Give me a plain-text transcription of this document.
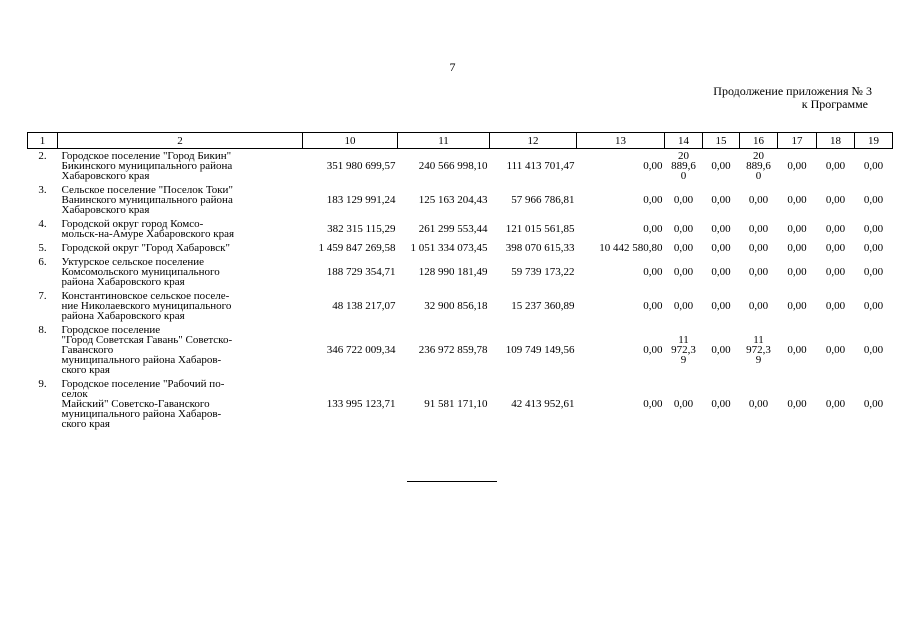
7
Продолжение приложения № 3

к Программе
1	2	10	11	12	13	14	15	16	17	18	19
2.	Городское поселение "Город Бикин"
Бикинского муниципального района
Хабаровского края	351 980 699,57	240 566 998,10	111 413 701,47	0,00	20
889,6
0	0,00	20
889,6
0	0,00	0,00	0,00
3.	Сельское поселение "Поселок Токи"
Ванинского муниципального района
Хабаровского края	183 129 991,24	125 163 204,43	57 966 786,81	0,00	0,00	0,00	0,00	0,00	0,00	0,00
4.	Городской округ город Комсо-
мольск-на-Амуре Хабаровского края	382 315 115,29	261 299 553,44	121 015 561,85	0,00	0,00	0,00	0,00	0,00	0,00	0,00
5.	Городской округ "Город Хабаровск"	1 459 847 269,58	1 051 334 073,45	398 070 615,33	10 442 580,80	0,00	0,00	0,00	0,00	0,00	0,00
6.	Уктурское сельское поселение
Комсомольского муниципального
района Хабаровского края	188 729 354,71	128 990 181,49	59 739 173,22	0,00	0,00	0,00	0,00	0,00	0,00	0,00
7.	Константиновское сельское поселе-
ние Николаевского муниципального
района Хабаровского края	48 138 217,07	32 900 856,18	15 237 360,89	0,00	0,00	0,00	0,00	0,00	0,00	0,00
8.	Городское поселение
"Город Советская Гавань" Советско-
Гаванского
муниципального района Хабаров-
ского края	346 722 009,34	236 972 859,78	109 749 149,56	0,00	11
972,3
9	0,00	11
972,3
9	0,00	0,00	0,00
9.	Городское поселение "Рабочий по-
селок
Майский" Советско-Гаванского
муниципального района Хабаров-
ского края	133 995 123,71	91 581 171,10	42 413 952,61	0,00	0,00	0,00	0,00	0,00	0,00	0,00
